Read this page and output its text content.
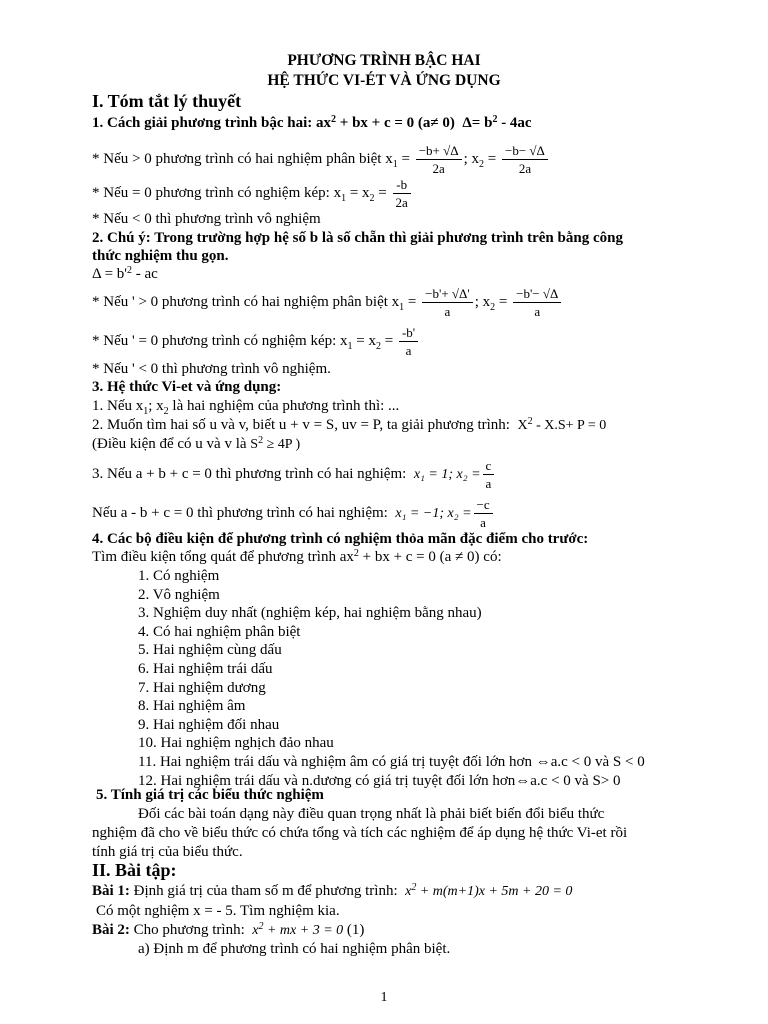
PHƯƠNG TRÌNH BẬC HAI
HỆ THỨC VI-ÉT VÀ ỨNG DỤNG
I. Tóm tắt lý thuyết
1. Cách giải phương trình bậc hai: $ax^2$ + bx + c = 0 (a≠ 0) $\Delta= b^2 - 4ac$
* Nếu > 0 phương trình có hai nghiệm phân biệt $x_1 = \frac{-b+ √\Delta}{2a}$ ; $x_2 = \frac{-b- √\Delta}{2a}$
* Nếu = 0 phương trình có nghiệm kép: $x_1 = x_2 = \frac{-b}{2a}$
* Nếu < 0 thì phương trình vô nghiệm
2. Chú ý: Trong trường hợp hệ số b là số chẵn thì giải phương trình trên bằng công
thức nghiệm thu gọn.
$\Delta = b'^2$ - ac
* Nếu ' > 0 phương trình có hai nghiệm phân biệt $x_1 = \frac{-b'+ √\Delta'}{a}$ ; $x_2 = \frac{-b'- √\Delta}{a}$
* Nếu ' = 0 phương trình có nghiệm kép: $x_1 = x_2 = \frac{-b'}{a}$
* Nếu ' < 0 thì phương trình vô nghiệm.
3. Hệ thức Vi-et và ứng dụng:
1. Nếu $x_1$; $x_2$ là hai nghiệm của phương trình thì: ...
2. Muốn tìm hai số u và v, biết u + v = S, uv = P, ta giải phương trình: $X^2 - X.S+ P = 0$
(Điều kiện để có u và v là $S^2 \ge 4P$ )
3. Nếu a + b + c = 0 thì phương trình có hai nghiệm: x₁ = 1; $x_2 = \frac{c}{a}$
Nếu a - b + c = 0 thì phương trình có hai nghiệm: x₁ = −1; $x_2 = \frac{-c}{a}$
4. Các bộ điều kiện để phương trình có nghiệm thỏa mãn đặc điểm cho trước:
Tìm điều kiện tổng quát để phương trình $ax^2$ + bx + c = 0 (a ≠ 0) có:
1. Có nghiệm
2. Vô nghiệm
3. Nghiệm duy nhất (nghiệm kép, hai nghiệm bằng nhau)
4. Có hai nghiệm phân biệt
5. Hai nghiệm cùng dấu
6. Hai nghiệm trái dấu
7. Hai nghiệm dương
8. Hai nghiệm âm
9. Hai nghiệm đối nhau
10. Hai nghiệm nghịch đảo nhau
11. Hai nghiệm trái dấu và nghiệm âm có giá trị tuyệt đối lớn hơn ⇔a.c < 0 và S < 0
12. Hai nghiệm trái dấu và n.dương có giá trị tuyệt đối lớn hơn⇔a.c < 0 và S> 0
5. Tính giá trị các biểu thức nghiệm
Đối các bài toán dạng này điều quan trọng nhất là phải biết biến đổi biểu thức
nghiệm đã cho về biểu thức có chứa tổng và tích các nghiệm để áp dụng hệ thức Vi-et rồi
tính giá trị của biểu thức.
II. Bài tập:
Bài 1: Định giá trị của tham số m để phương trình: $x^2 + m(m+1)x + 5m + 20 = 0$
Có một nghiệm x = - 5. Tìm nghiệm kia.
Bài 2: Cho phương trình: $x^2$ + mx + 3 = 0 (1)
a) Định m để phương trình có hai nghiệm phân biệt.
1
